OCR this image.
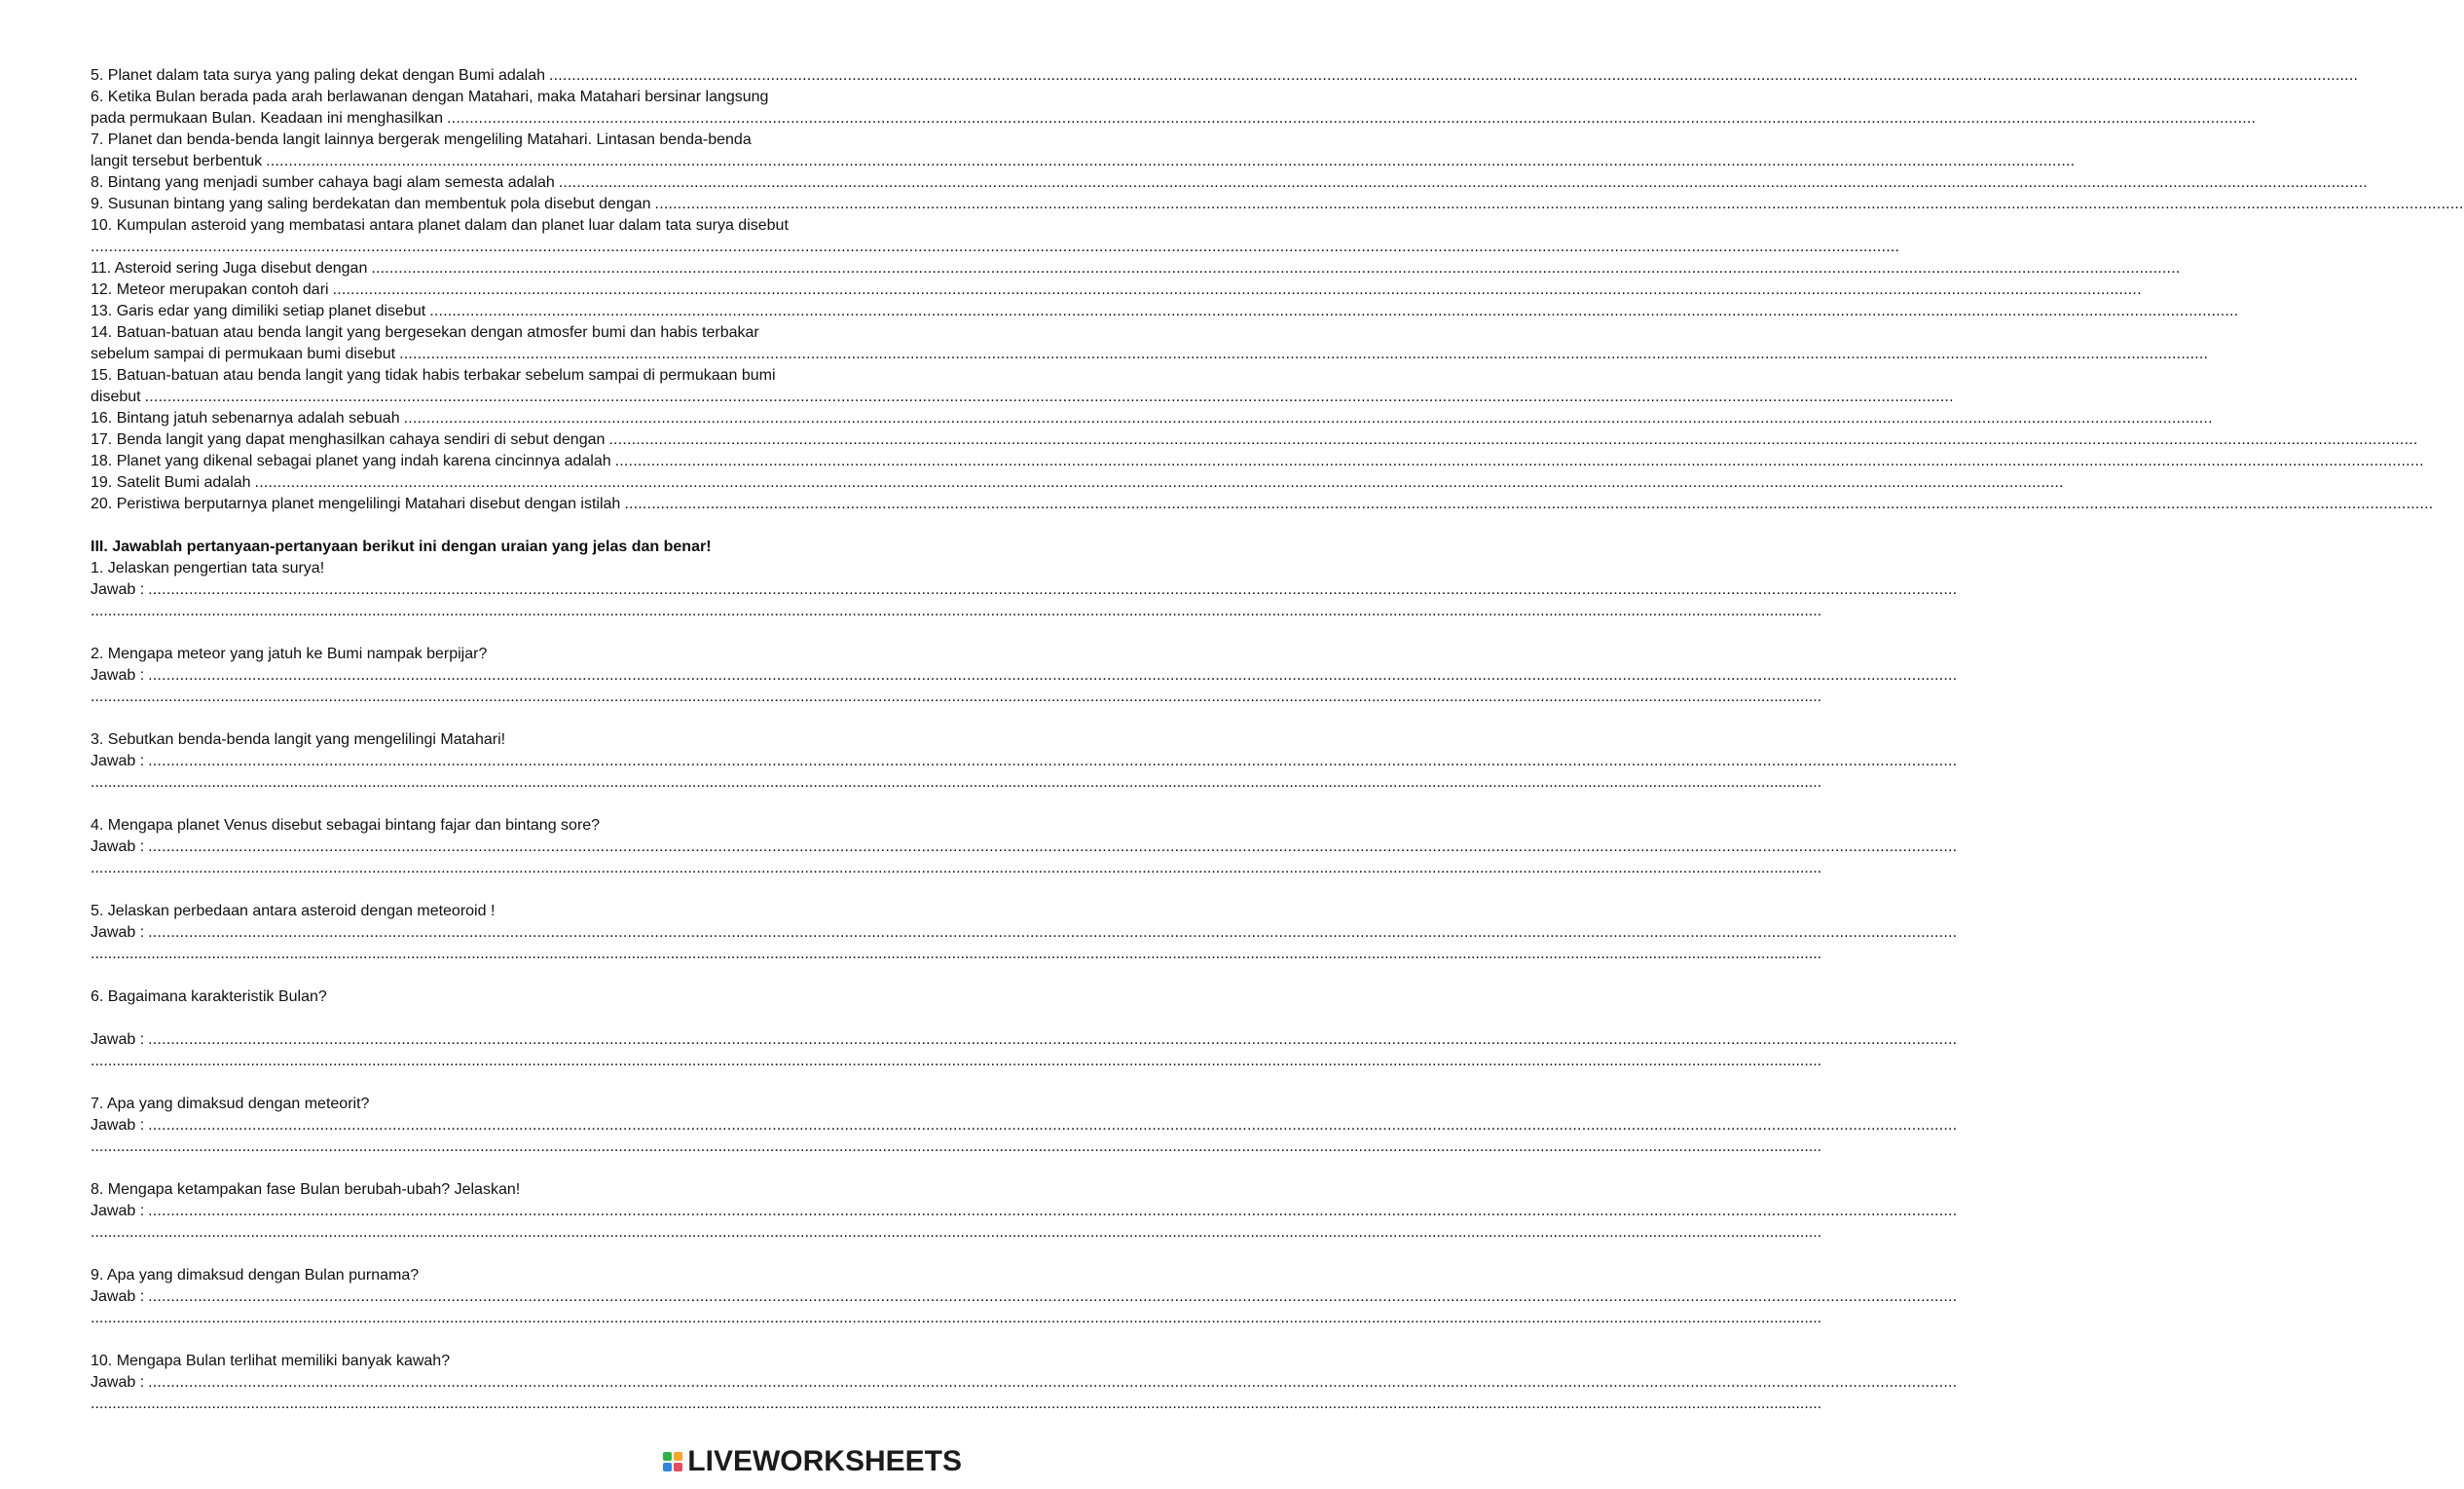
5. Planet dalam tata surya yang paling dekat dengan Bumi adalah ................................................................................................................................................................................................................................................................................................................................................................................................................
6. Ketika Bulan berada pada arah berlawanan dengan Matahari, maka Matahari bersinar langsung
pada permukaan Bulan. Keadaan ini menghasilkan ................................................................................................................................................................................................................................................................................................................................................................................................................
7. Planet dan benda-benda langit lainnya bergerak mengeliling Matahari. Lintasan benda-benda
langit tersebut berbentuk ................................................................................................................................................................................................................................................................................................................................................................................................................
8. Bintang yang menjadi sumber cahaya bagi alam semesta adalah ................................................................................................................................................................................................................................................................................................................................................................................................................
9. Susunan bintang yang saling berdekatan dan membentuk pola disebut dengan ................................................................................................................................................................................................................................................................................................................................................................................................................
10. Kumpulan asteroid yang membatasi antara planet dalam dan planet luar dalam tata surya disebut
................................................................................................................................................................................................................................................................................................................................................................................................................
11. Asteroid sering Juga disebut dengan ................................................................................................................................................................................................................................................................................................................................................................................................................
12. Meteor merupakan contoh dari ................................................................................................................................................................................................................................................................................................................................................................................................................
13. Garis edar yang dimiliki setiap planet disebut ................................................................................................................................................................................................................................................................................................................................................................................................................
14. Batuan-batuan atau benda langit yang bergesekan dengan atmosfer bumi dan habis terbakar
sebelum sampai di permukaan bumi disebut ................................................................................................................................................................................................................................................................................................................................................................................................................
15. Batuan-batuan atau benda langit yang tidak habis terbakar sebelum sampai di permukaan bumi
disebut ................................................................................................................................................................................................................................................................................................................................................................................................................
16. Bintang jatuh sebenarnya adalah sebuah ................................................................................................................................................................................................................................................................................................................................................................................................................
17. Benda langit yang dapat menghasilkan cahaya sendiri di sebut dengan ................................................................................................................................................................................................................................................................................................................................................................................................................
18. Planet yang dikenal sebagai planet yang indah karena cincinnya adalah ................................................................................................................................................................................................................................................................................................................................................................................................................
19. Satelit Bumi adalah ................................................................................................................................................................................................................................................................................................................................................................................................................
20. Peristiwa berputarnya planet mengelilingi Matahari disebut dengan istilah ................................................................................................................................................................................................................................................................................................................................................................................................................
III. Jawablah pertanyaan-pertanyaan berikut ini dengan uraian yang jelas dan benar!
1. Jelaskan pengertian tata surya!
Jawab : ................................................................................................................................................................................................................................................................................................................................................................................................................
................................................................................................................................................................................................................................................................................................................................................................................................................
2. Mengapa meteor yang jatuh ke Bumi nampak berpijar?
Jawab : ................................................................................................................................................................................................................................................................................................................................................................................................................
................................................................................................................................................................................................................................................................................................................................................................................................................
3. Sebutkan benda-benda langit yang mengelilingi Matahari!
Jawab : ................................................................................................................................................................................................................................................................................................................................................................................................................
................................................................................................................................................................................................................................................................................................................................................................................................................
4. Mengapa planet Venus disebut sebagai bintang fajar dan bintang sore?
Jawab : ................................................................................................................................................................................................................................................................................................................................................................................................................
................................................................................................................................................................................................................................................................................................................................................................................................................
5. Jelaskan perbedaan antara asteroid dengan meteoroid !
Jawab : ................................................................................................................................................................................................................................................................................................................................................................................................................
................................................................................................................................................................................................................................................................................................................................................................................................................
6. Bagaimana karakteristik Bulan?
Jawab : ................................................................................................................................................................................................................................................................................................................................................................................................................
................................................................................................................................................................................................................................................................................................................................................................................................................
7. Apa yang dimaksud dengan meteorit?
Jawab : ................................................................................................................................................................................................................................................................................................................................................................................................................
................................................................................................................................................................................................................................................................................................................................................................................................................
8. Mengapa ketampakan fase Bulan berubah-ubah? Jelaskan!
Jawab : ................................................................................................................................................................................................................................................................................................................................................................................................................
................................................................................................................................................................................................................................................................................................................................................................................................................
9. Apa yang dimaksud dengan Bulan purnama?
Jawab : ................................................................................................................................................................................................................................................................................................................................................................................................................
................................................................................................................................................................................................................................................................................................................................................................................................................
10. Mengapa Bulan terlihat memiliki banyak kawah?
Jawab : ................................................................................................................................................................................................................................................................................................................................................................................................................
................................................................................................................................................................................................................................................................................................................................................................................................................
LIVEWORKSHEETS
